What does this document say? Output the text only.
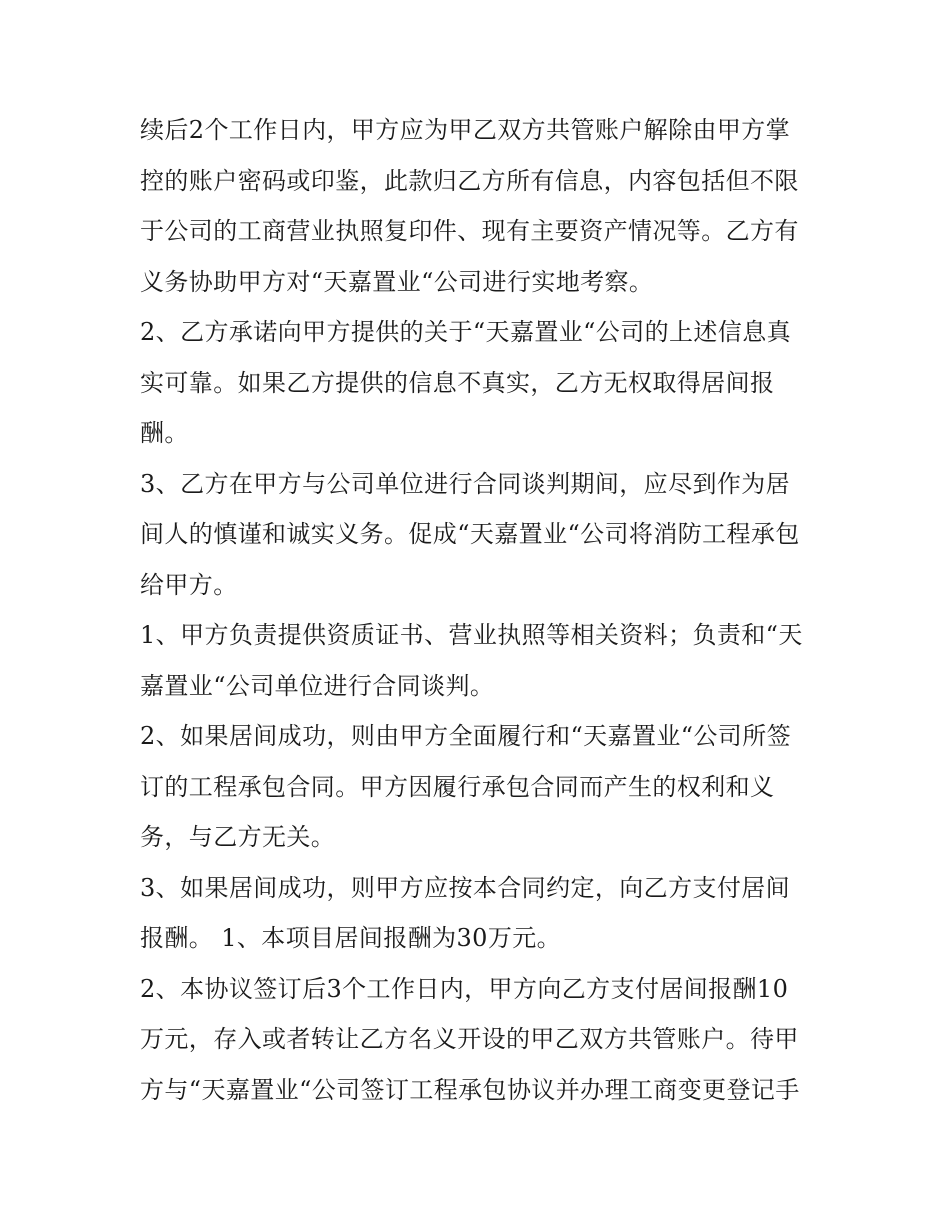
续后2个工作日内，甲方应为甲乙双方共管账户解除由甲方掌
控的账户密码或印鉴，此款归乙方所有信息，内容包括但不限
于公司的工商营业执照复印件、现有主要资产情况等。乙方有
义务协助甲方对“天嘉置业“公司进行实地考察。
2、乙方承诺向甲方提供的关于“天嘉置业“公司的上述信息真
实可靠。如果乙方提供的信息不真实，乙方无权取得居间报
酬。
3、乙方在甲方与公司单位进行合同谈判期间，应尽到作为居
间人的慎谨和诚实义务。促成“天嘉置业“公司将消防工程承包
给甲方。
1、甲方负责提供资质证书、营业执照等相关资料；负责和“天
嘉置业“公司单位进行合同谈判。
2、如果居间成功，则由甲方全面履行和“天嘉置业“公司所签
订的工程承包合同。甲方因履行承包合同而产生的权利和义
务，与乙方无关。
3、如果居间成功，则甲方应按本合同约定，向乙方支付居间
报酬。 1、本项目居间报酬为30万元。
2、本协议签订后3个工作日内，甲方向乙方支付居间报酬10
万元，存入或者转让乙方名义开设的甲乙双方共管账户。待甲
方与“天嘉置业“公司签订工程承包协议并办理工商变更登记手
